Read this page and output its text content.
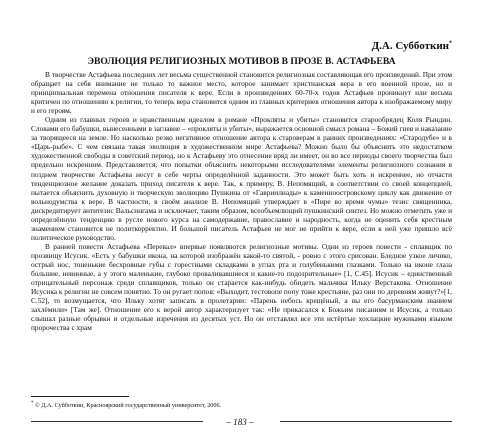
Д.А. Субботкин*
ЭВОЛЮЦИЯ РЕЛИГИОЗНЫХ МОТИВОВ В ПРОЗЕ В. АСТАФЬЕВА

В творчестве Астафьева последних лет весьма существенной становится религиозная составляющая его произведений. При этом обращает на себя внимание не только то важное место, которое занимает христианская вера в его военной прозе, но и принципиальная перемена отношения писателя к вере. Если в произведениях 60-70-х годов Астафьев проникнут или весьма критичен по отношению к религии, то теперь вера становится одним из главных критериев отношения автора к изображаемому миру и его героям.

Одним из главных героев и нравственным идеалом в романе «Прокляты и убиты» становится старообрядец Коля Рындин. Словами его бабушки, вынесенными в заглавие – «прокляты и убиты», выражается основной смысл романа – Божий гнев и наказание за творящееся на земле. Но насколько резко негативное отношение автора к староверам в ранних произведениях: «Стародубе» и в «Царь-рыбе». С чем связана такая эволюция в художественном мире Астафьева? Можно было бы объяснить это недостатком художественной свободы в советский период, но к Астафьеву это отнесение вряд ли имеет, он во все периоды своего творчества был предельно искренним. Представляется, что попытки объяснить некоторыми исследователями элементы религиозного сознания в позднем творчестве Астафьева несут в себе черты определённой заданности. Это может быть хоть и искреннее, но отчасти тенденциозное желание доказать приход писателя к вере. Так, к примеру, В. Непомящий, в соответствии со своей концепцией, пытается объяснить духовную и творческую эволюцию Пушкина от «Гавриилиады» к каменноостровскому циклу как движение от вольнодумства к вере. В частности, в своём анализе В. Непомящий утверждает в «Пире во время чумы» тезис священника, дискредитирует антитезис Вальсингама и исключает, таким образом, всеобъемлющий пушкинский синтез. Но можно отметить уже и определённую тенденцию в русле нового курса на самодержавие, православие и народность, когда не оценить себя крестным знамением становится не политкорректно. И большой писатель Астафьев не мог не прийти к вере, если к ней уже пришло всё политическое руководство.

В ранней повести Астафьева «Перевал» впервые появляются религиозные мотивы. Одни из героев повести - сплавщик по прозвищу Исусик. «Есть у бабушки икона, на которой изображён какой-то святой, - ровно с этого срисован. Бледное узкое личико, острый нос, тоненькие бесхровные губы с горестными складками в углах рта и голубенькими глазками. Только на иконе глаза большие, невинные, а у этого маленькие, глубоко проваливавшиеся и какие-то подозрительные» [1, С.45]. Исусик – единственный отрицательный персонаж среди сплавщиков, только он старается как-нибудь обидеть мальчика Ильку Верстакова. Отношение Исусика к религии не совсем понятно. То он ругает попов: «Выходит, тестовопе попу тоже крестьяне, раз они по деревням живут?»[1, С.52], то возмущается, что Ильку хотят записать в пролетарии: «Парень небось крещёный, а вы его басурманским званием захлёмили» [Там же]. Отношение его к верой автор характеризует так: «Не прикасался к Божьим писаниям и Исусик, а только слышал разные обрывки и отдельные изречения из десятых уст. Но он отставлял все эти истёртые хохлацкие мужиками языком пророчества с храм

* © Д.А. Субботкин, Красноярский государственный университет, 2006.
– 183 –
